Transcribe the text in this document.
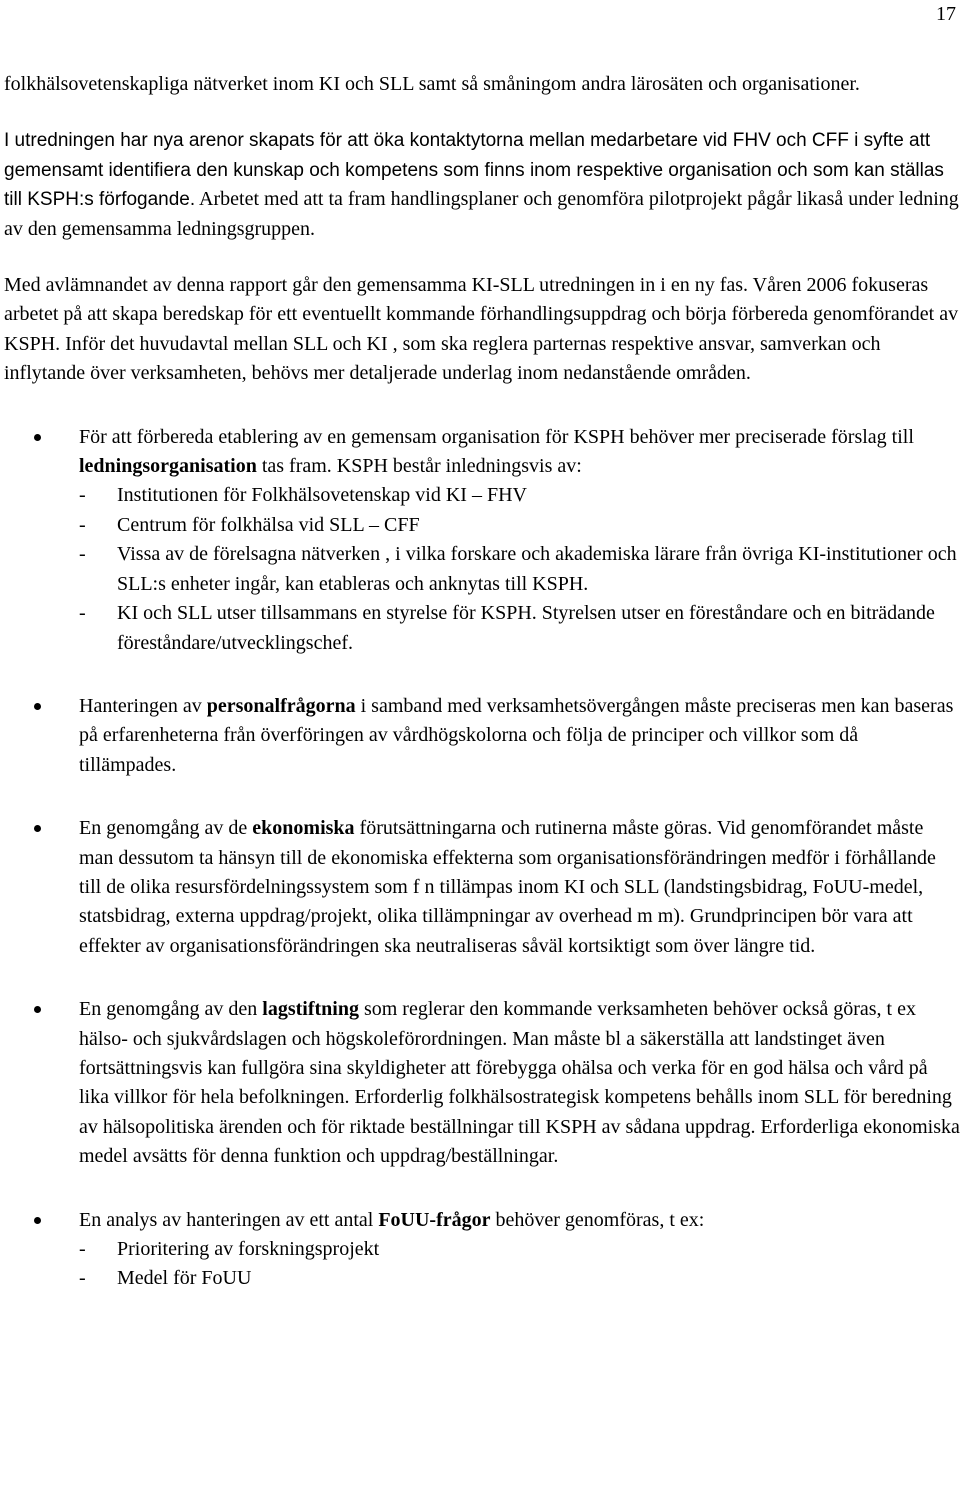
17

folkhälsovetenskapliga nätverket inom KI och SLL samt så småningom andra lärosäten och organisationer.

I utredningen har nya arenor skapats för att öka kontaktytorna mellan medarbetare vid FHV och CFF i syfte att gemensamt identifiera den kunskap och kompetens som finns inom respektive organisation och som kan ställas till KSPH:s förfogande. Arbetet med att ta fram handlingsplaner och genomföra pilotprojekt pågår likaså under ledning av den gemensamma ledningsgruppen.

Med avlämnandet av denna rapport går den gemensamma KI-SLL utredningen in i en ny fas. Våren 2006 fokuseras arbetet på att skapa beredskap för ett eventuellt kommande förhandlingsuppdrag och börja förbereda genomförandet av KSPH. Inför det huvudavtal mellan SLL och KI , som ska reglera parternas respektive ansvar, samverkan och inflytande över verksamheten, behövs mer detaljerade underlag inom nedanstående områden.

För att förbereda etablering av en gemensam organisation för KSPH behöver mer preciserade förslag till ledningsorganisation tas fram. KSPH består inledningsvis av:
- Institutionen för Folkhälsovetenskap vid KI – FHV
- Centrum för folkhälsa vid SLL – CFF
- Vissa av de förelsagna nätverken , i vilka forskare och akademiska lärare från övriga KI-institutioner och SLL:s enheter ingår, kan etableras och anknytas till KSPH.
- KI och SLL utser tillsammans en styrelse för KSPH. Styrelsen utser en föreståndare och en biträdande föreståndare/utvecklingschef.
Hanteringen av personalfrågorna i samband med verksamhetsövergången måste preciseras men kan baseras på erfarenheterna från överföringen av vårdhögskolorna och följa de principer och villkor som då tillämpades.
En genomgång av de ekonomiska förutsättningarna och rutinerna måste göras. Vid genomförandet måste man dessutom ta hänsyn till de ekonomiska effekterna som organisationsförändringen medför i förhållande till de olika resursfördelningssystem som f n tillämpas inom KI och SLL (landstingsbidrag, FoUU-medel, statsbidrag, externa uppdrag/projekt, olika tillämpningar av overhead m m). Grundprincipen bör vara att effekter av organisationsförändringen ska neutraliseras såväl kortsiktigt som över längre tid.
En genomgång av den lagstiftning som reglerar den kommande verksamheten behöver också göras, t ex hälso- och sjukvårdslagen och högskoleförordningen. Man måste bl a säkerställa att landstinget även fortsättningsvis kan fullgöra sina skyldigheter att förebygga ohälsa och verka för en god hälsa och vård på lika villkor för hela befolkningen. Erforderlig folkhälsostrategisk kompetens behålls inom SLL för beredning av hälsopolitiska ärenden och för riktade beställningar till KSPH av sådana uppdrag. Erforderliga ekonomiska medel avsätts för denna funktion och uppdrag/beställningar.
En analys av hanteringen av ett antal FoUU-frågor behöver genomföras, t ex:
- Prioritering av forskningsprojekt
- Medel för FoUU
